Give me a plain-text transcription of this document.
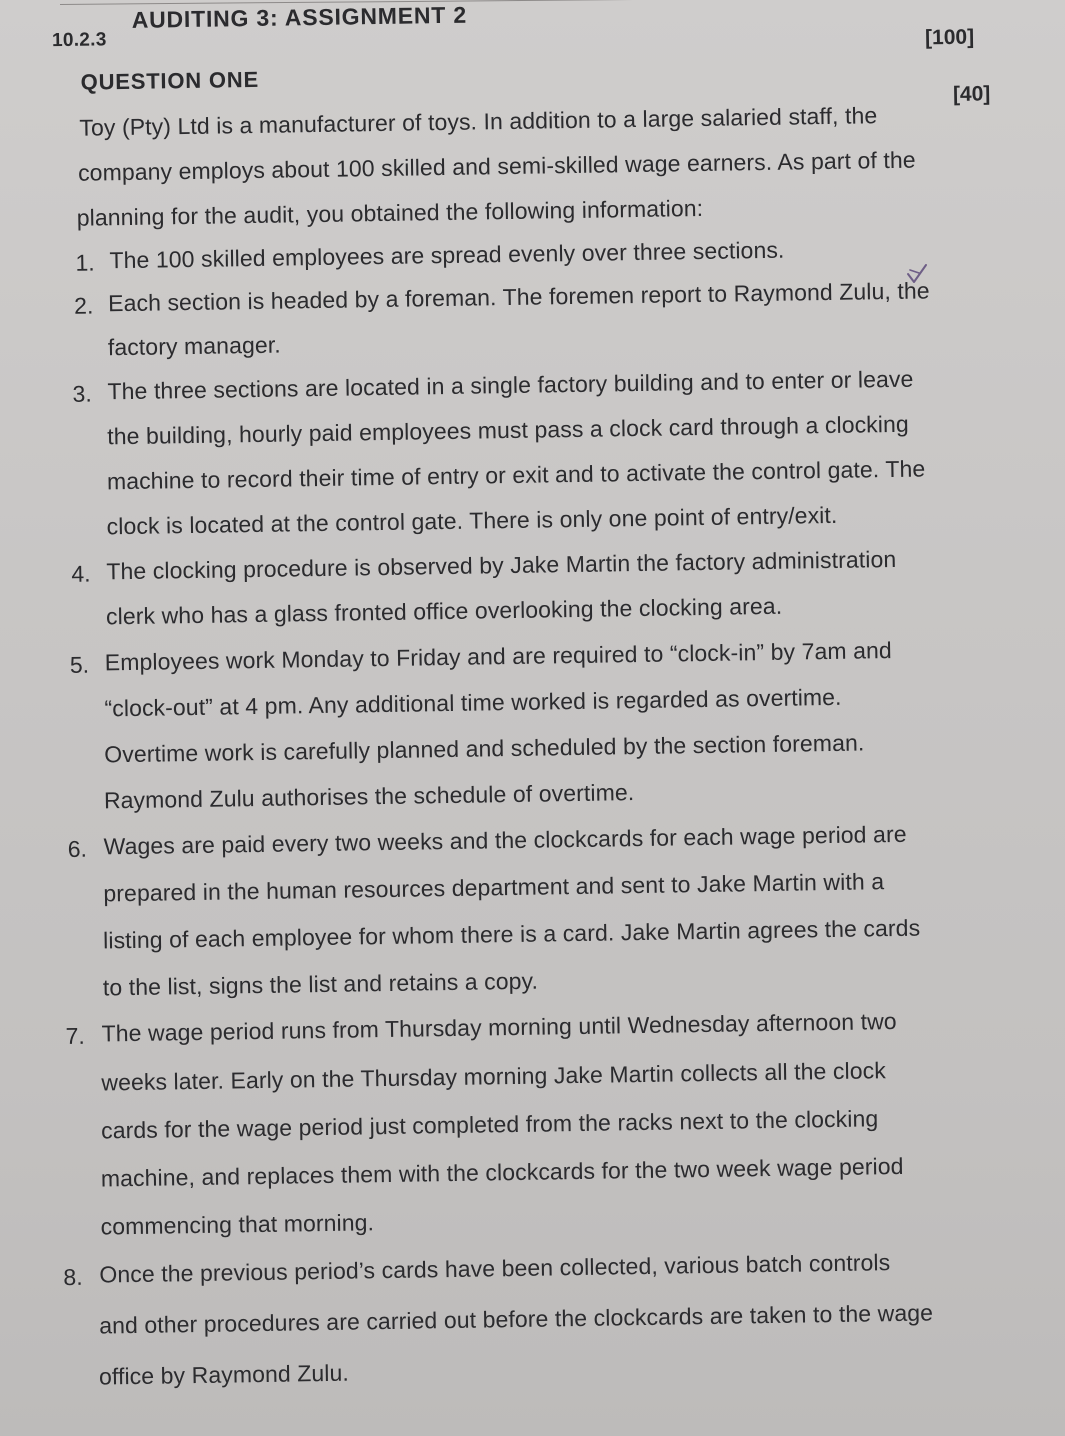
10.2.3
AUDITING 3: ASSIGNMENT 2
[100]
QUESTION ONE	[40]
Toy (Pty) Ltd is a manufacturer of toys. In addition to a large salaried staff, the
company employs about 100 skilled and semi-skilled wage earners. As part of the
planning for the audit, you obtained the following information:
1. The 100 skilled employees are spread evenly over three sections.
2. Each section is headed by a foreman. The foremen report to Raymond Zulu, the
factory manager.
3. The three sections are located in a single factory building and to enter or leave
the building, hourly paid employees must pass a clock card through a clocking
machine to record their time of entry or exit and to activate the control gate. The
clock is located at the control gate. There is only one point of entry/exit.
4. The clocking procedure is observed by Jake Martin the factory administration
clerk who has a glass fronted office overlooking the clocking area.
5. Employees work Monday to Friday and are required to “clock-in” by 7am and
“clock-out” at 4 pm. Any additional time worked is regarded as overtime.
Overtime work is carefully planned and scheduled by the section foreman.
Raymond Zulu authorises the schedule of overtime.
6. Wages are paid every two weeks and the clockcards for each wage period are
prepared in the human resources department and sent to Jake Martin with a
listing of each employee for whom there is a card. Jake Martin agrees the cards
to the list, signs the list and retains a copy.
7. The wage period runs from Thursday morning until Wednesday afternoon two
weeks later. Early on the Thursday morning Jake Martin collects all the clock
cards for the wage period just completed from the racks next to the clocking
machine, and replaces them with the clockcards for the two week wage period
commencing that morning.
8. Once the previous period’s cards have been collected, various batch controls
and other procedures are carried out before the clockcards are taken to the wage
office by Raymond Zulu.
